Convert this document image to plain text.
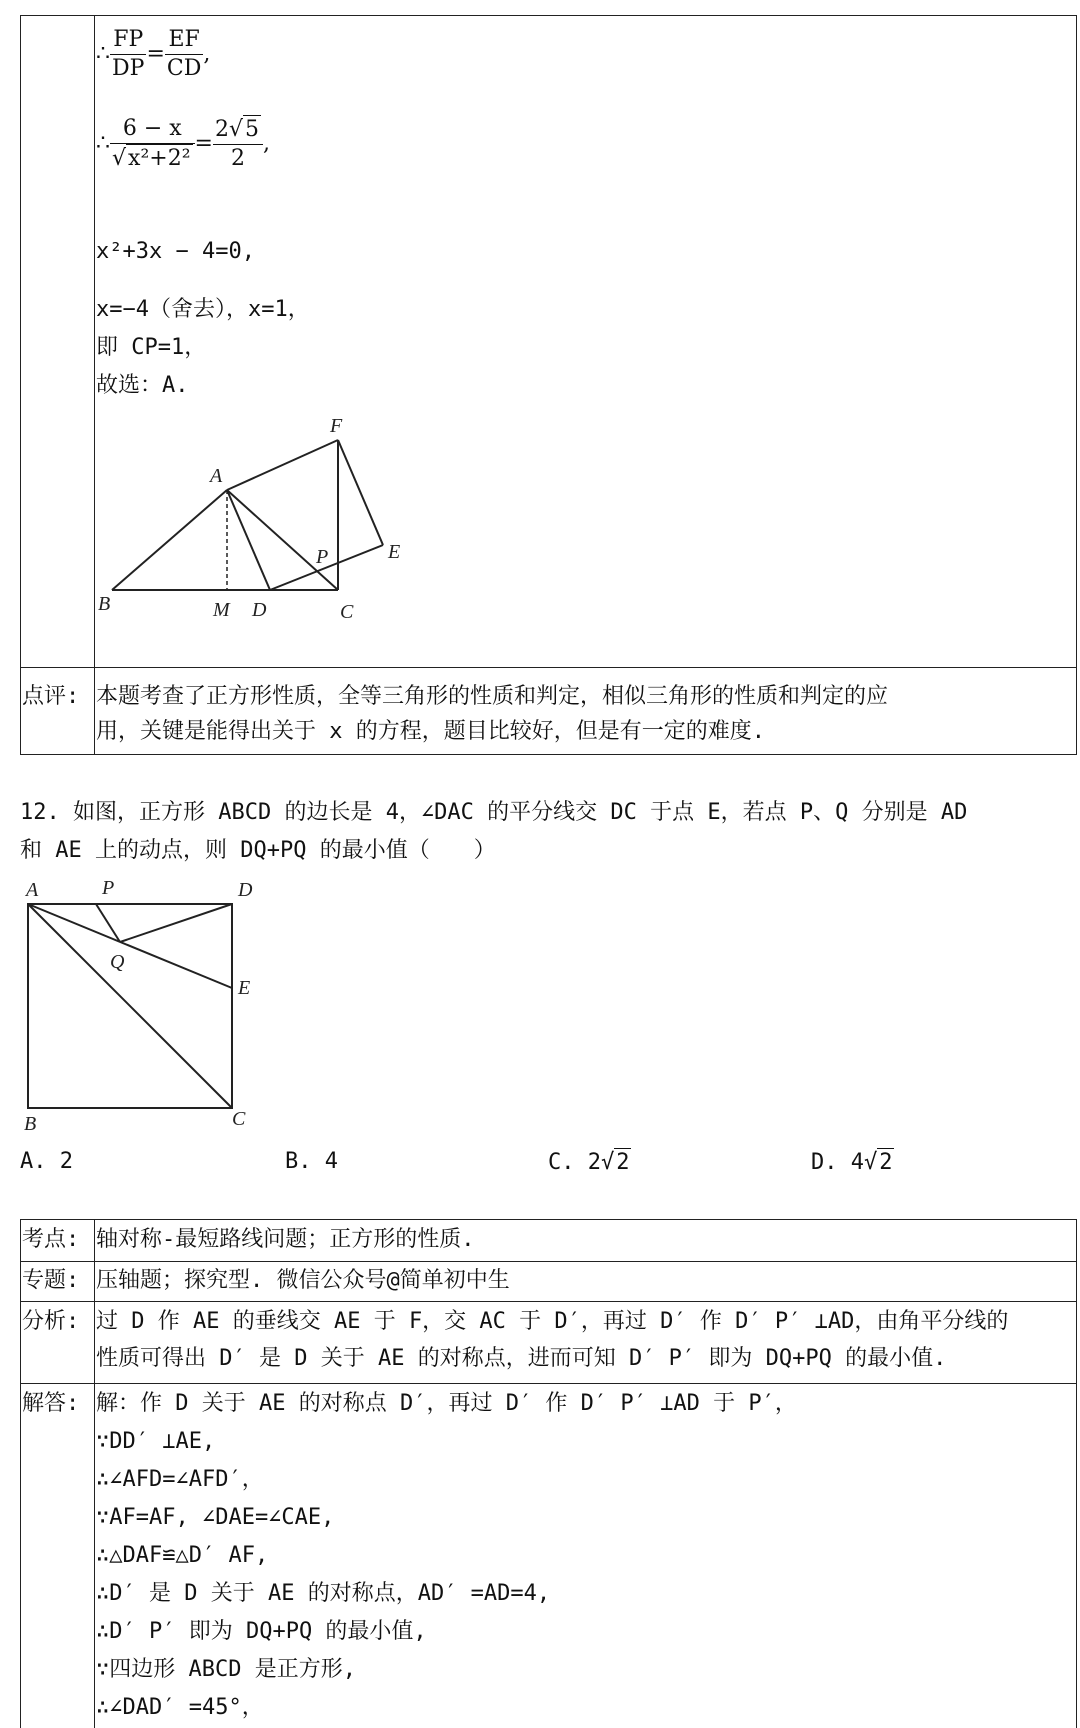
∴ $\frac{FP}{DP} = \frac{EF}{CD}$ ,
∴ $\frac{6 - x}{\text{√x²+2²}} = \frac{2√5}{2}$ ,
x²+3x − 4=0,
x=−4（舍去），x=1，
即 CP=1，
故选：A.
A
F
E
P
B	M D	C
点评: 本题考查了正方形性质，全等三角形的性质和判定，相似三角形的性质和判定的应
用，关键是能得出关于 x 的方程，题目比较好，但是有一定的难度.
12. 如图，正方形 ABCD 的边长是 4，∠DAC 的平分线交 DC 于点 E，若点 P、Q 分别是 AD
和 AE 上的动点，则 DQ+PQ 的最小值（　　）
A	P	D
Q
E
B	C
A. 2	B. 4	C. 2√2	D. 4√2
考点: 轴对称-最短路线问题；正方形的性质.
专题: 压轴题；探究型. 微信公众号@简单初中生
分析: 过 D 作 AE 的垂线交 AE 于 F，交 AC 于 D′，再过 D′ 作 D′ P′ ⊥AD，由角平分线的
性质可得出 D′ 是 D 关于 AE 的对称点，进而可知 D′ P′ 即为 DQ+PQ 的最小值.
解答: 解：作 D 关于 AE 的对称点 D′，再过 D′ 作 D′ P′ ⊥AD 于 P′，
∵DD′ ⊥AE,
∴∠AFD=∠AFD′，
∵AF=AF, ∠DAE=∠CAE,
∴△DAF≌△D′ AF,
∴D′ 是 D 关于 AE 的对称点，AD′ =AD=4,
∴D′ P′ 即为 DQ+PQ 的最小值,
∵四边形 ABCD 是正方形,
∴∠DAD′ =45°，
